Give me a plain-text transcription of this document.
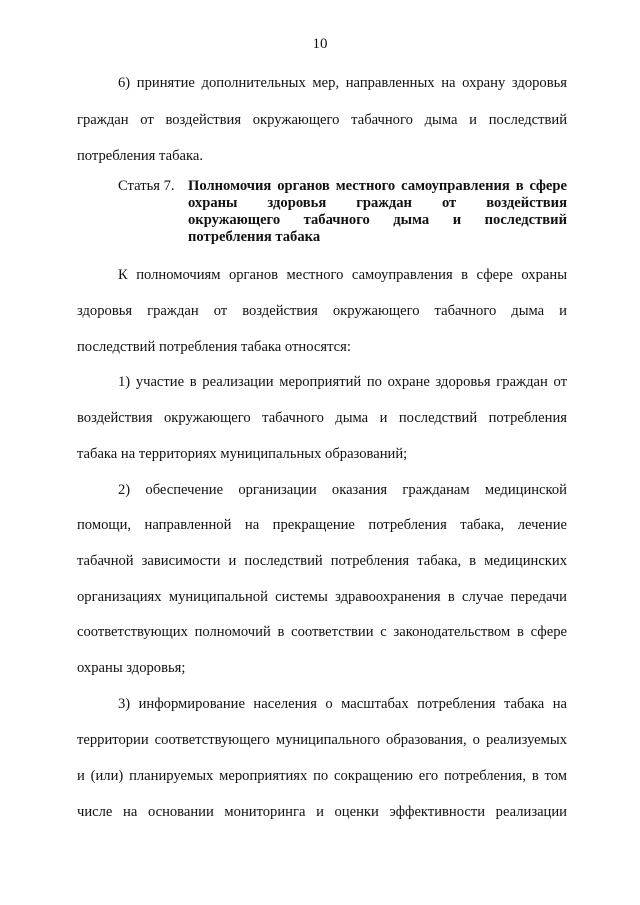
10
6) принятие дополнительных мер, направленных на охрану здоровья
граждан от воздействия окружающего табачного дыма и последствий
потребления табака.
Статья 7. Полномочия органов местного самоуправления в сфере
охраны здоровья граждан от воздействия
окружающего табачного дыма и последствий
потребления табака
К полномочиям органов местного самоуправления в сфере охраны
здоровья граждан от воздействия окружающего табачного дыма и
последствий потребления табака относятся:
1) участие в реализации мероприятий по охране здоровья граждан от
воздействия окружающего табачного дыма и последствий потребления
табака на территориях муниципальных образований;
2) обеспечение организации оказания гражданам медицинской
помощи, направленной на прекращение потребления табака, лечение
табачной зависимости и последствий потребления табака, в медицинских
организациях муниципальной системы здравоохранения в случае передачи
соответствующих полномочий в соответствии с законодательством в сфере
охраны здоровья;
3) информирование населения о масштабах потребления табака на
территории соответствующего муниципального образования, о реализуемых
и (или) планируемых мероприятиях по сокращению его потребления, в том
числе на основании мониторинга и оценки эффективности реализации
